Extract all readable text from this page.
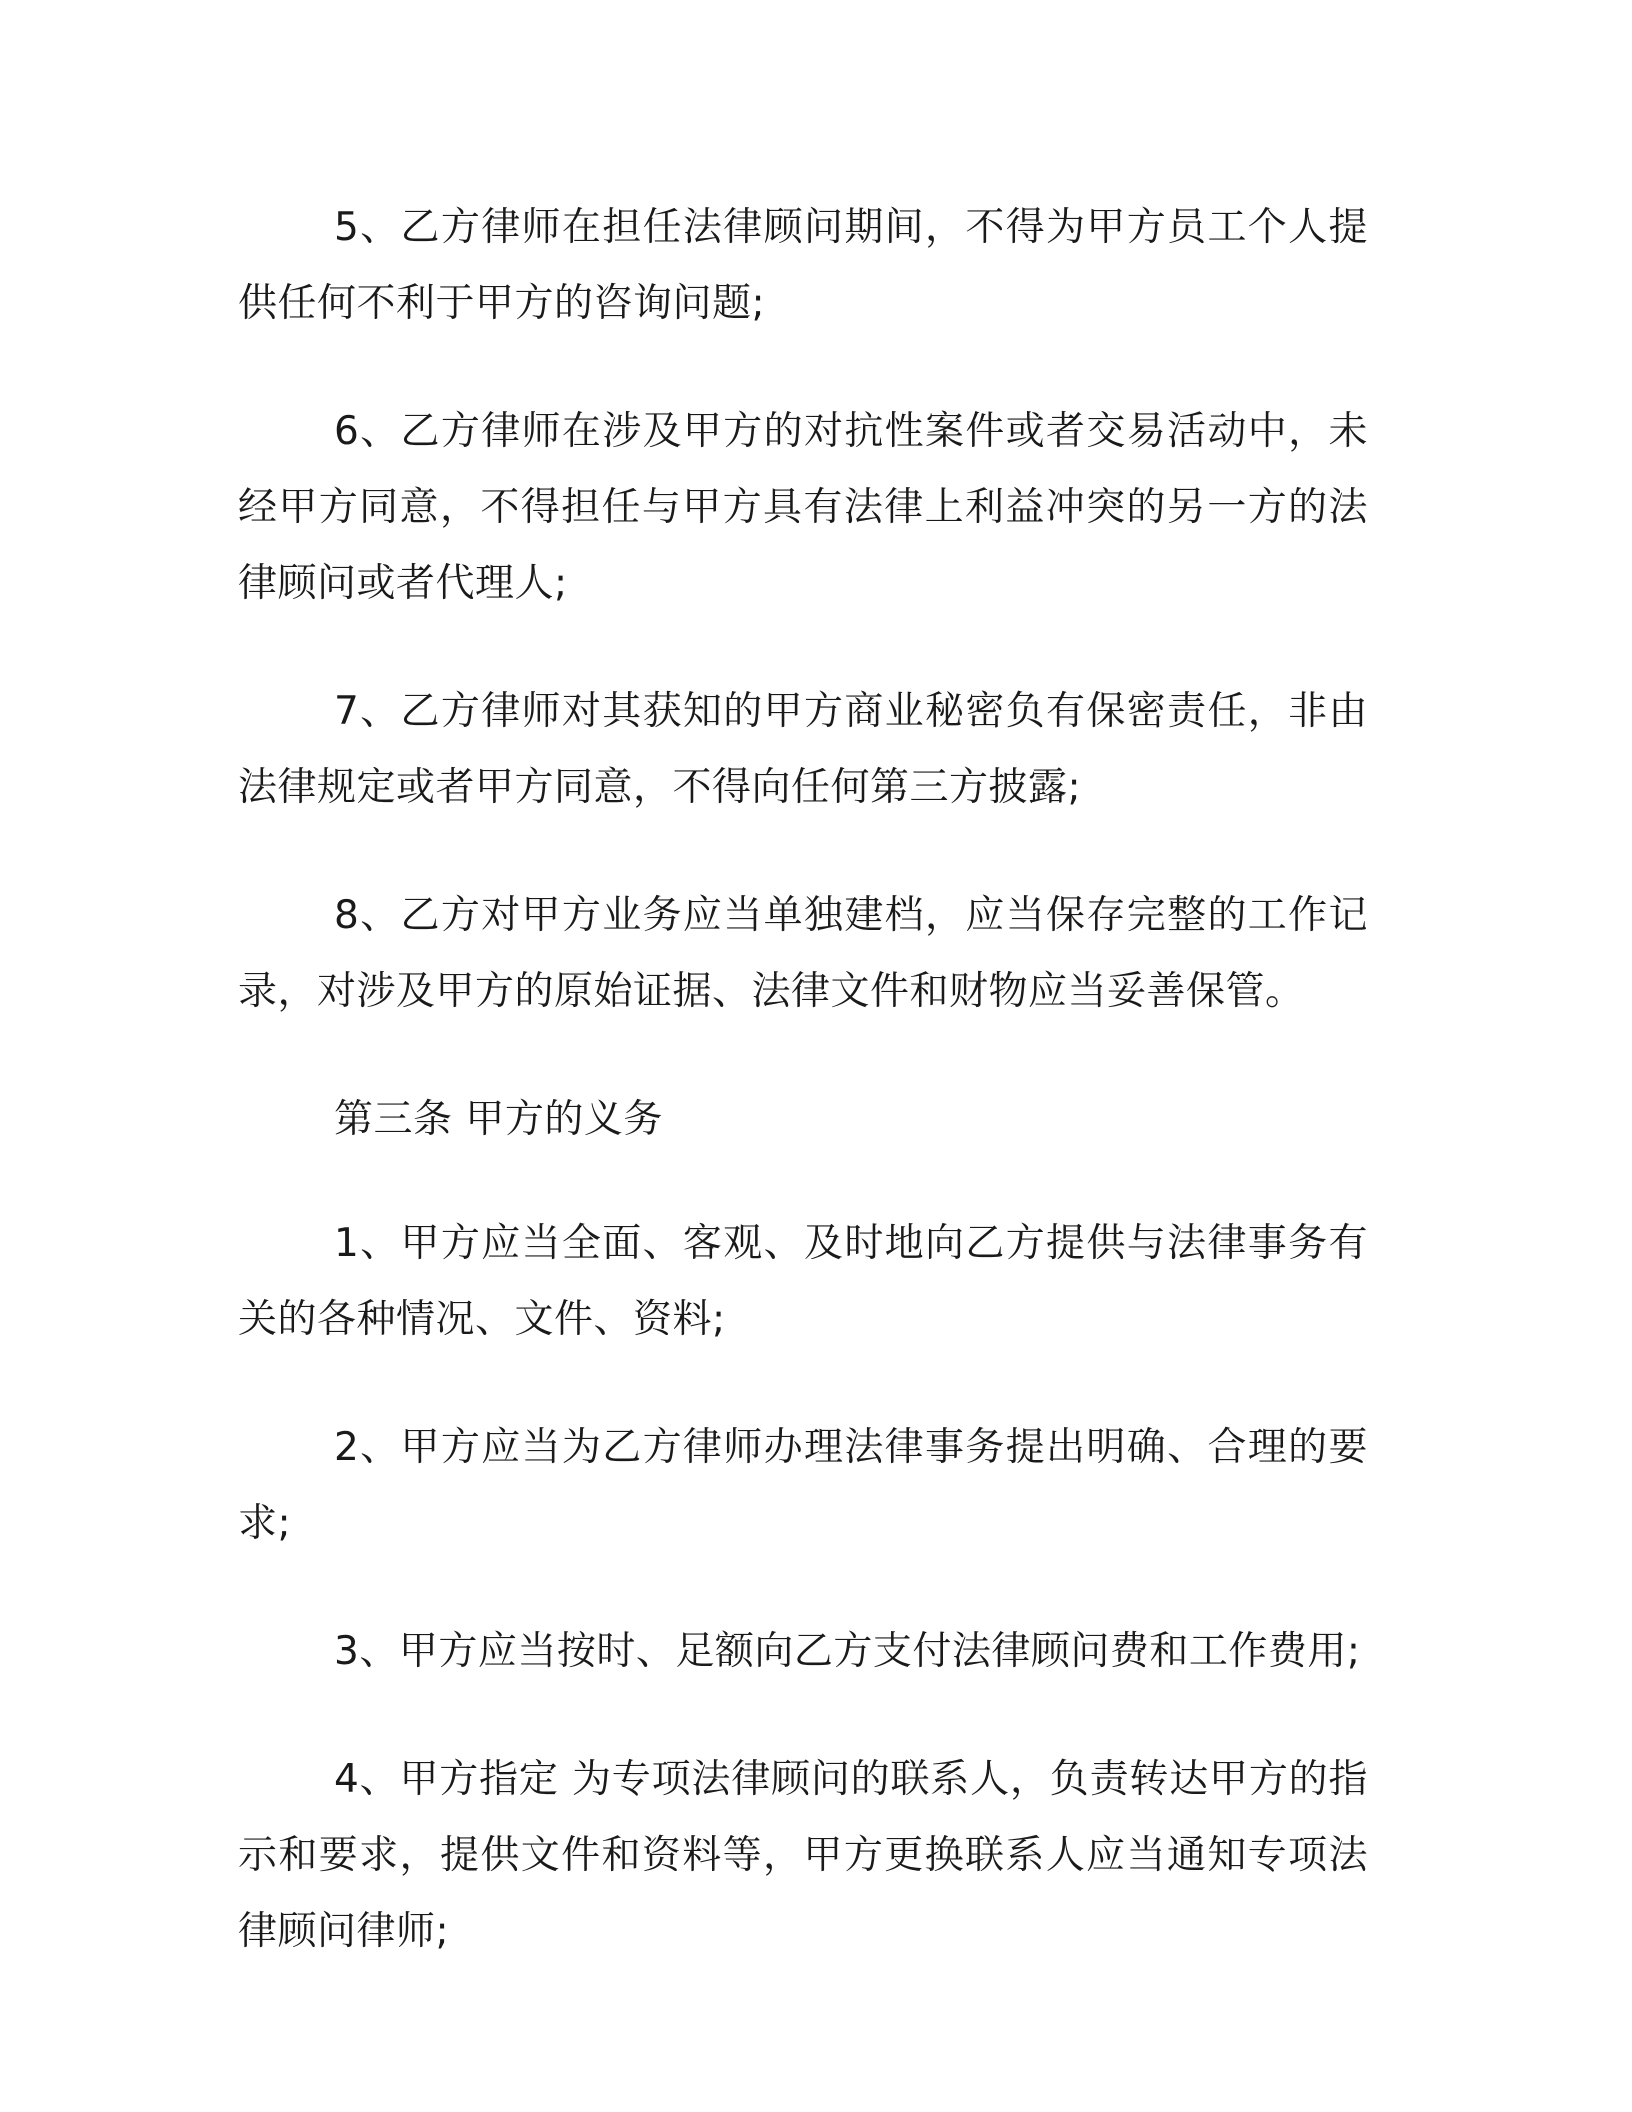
5、乙方律师在担任法律顾问期间，不得为甲方员工个人提供任何不利于甲方的咨询问题;

6、乙方律师在涉及甲方的对抗性案件或者交易活动中，未经甲方同意，不得担任与甲方具有法律上利益冲突的另一方的法律顾问或者代理人;

7、乙方律师对其获知的甲方商业秘密负有保密责任，非由法律规定或者甲方同意，不得向任何第三方披露;

8、乙方对甲方业务应当单独建档，应当保存完整的工作记录，对涉及甲方的原始证据、法律文件和财物应当妥善保管。

第三条 甲方的义务

1、甲方应当全面、客观、及时地向乙方提供与法律事务有关的各种情况、文件、资料;

2、甲方应当为乙方律师办理法律事务提出明确、合理的要求;

3、甲方应当按时、足额向乙方支付法律顾问费和工作费用;

4、甲方指定 为专项法律顾问的联系人，负责转达甲方的指示和要求，提供文件和资料等，甲方更换联系人应当通知专项法律顾问律师;
